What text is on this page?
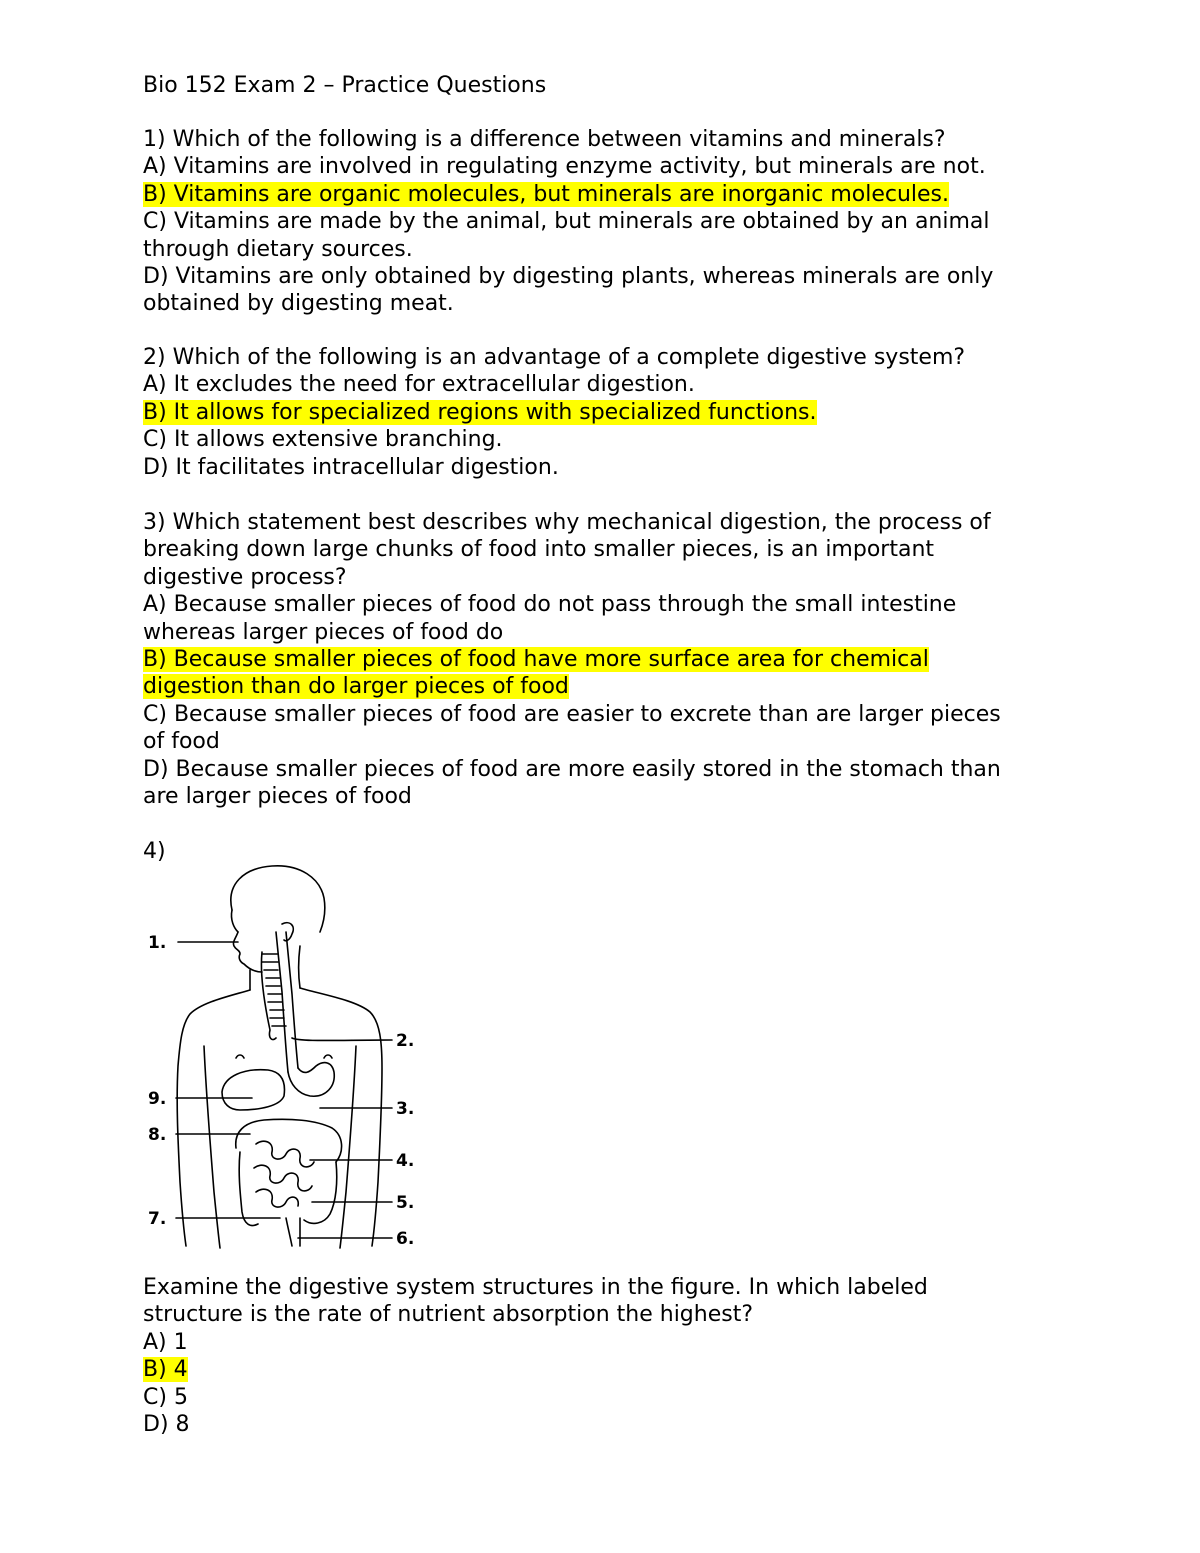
Bio 152 Exam 2 – Practice Questions
1) Which of the following is a difference between vitamins and minerals?
A) Vitamins are involved in regulating enzyme activity, but minerals are not.
B) Vitamins are organic molecules, but minerals are inorganic molecules.
C) Vitamins are made by the animal, but minerals are obtained by an animal
through dietary sources.
D) Vitamins are only obtained by digesting plants, whereas minerals are only
obtained by digesting meat.
2) Which of the following is an advantage of a complete digestive system?
A) It excludes the need for extracellular digestion.
B) It allows for specialized regions with specialized functions.
C) It allows extensive branching.
D) It facilitates intracellular digestion.
3) Which statement best describes why mechanical digestion, the process of
breaking down large chunks of food into smaller pieces, is an important
digestive process?
A) Because smaller pieces of food do not pass through the small intestine
whereas larger pieces of food do
B) Because smaller pieces of food have more surface area for chemical
digestion than do larger pieces of food
C) Because smaller pieces of food are easier to excrete than are larger pieces
of food
D) Because smaller pieces of food are more easily stored in the stomach than
are larger pieces of food
4)
1.
2.
3.
4.
5.
6.
7.
8.
9.
Examine the digestive system structures in the figure. In which labeled
structure is the rate of nutrient absorption the highest?
A) 1
B) 4
C) 5
D) 8
